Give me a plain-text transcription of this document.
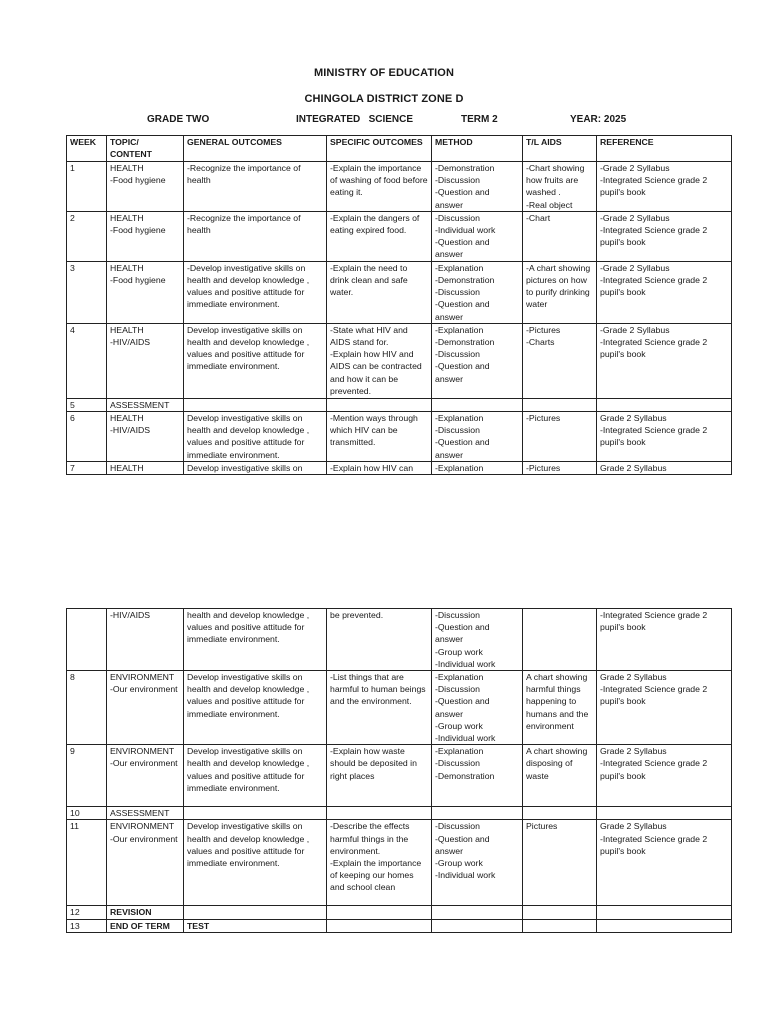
MINISTRY OF EDUCATION
CHINGOLA DISTRICT ZONE D
GRADE TWO	INTEGRATED   SCIENCE	TERM 2	YEAR: 2025
WEEK	TOPIC/
CONTENT	GENERAL OUTCOMES	SPECIFIC OUTCOMES	METHOD	T/L AIDS	REFERENCE

1	HEALTH
-Food hygiene	-Recognize the importance of health	-Explain the importance of washing of food before eating it.	-Demonstration
-Discussion
-Question and answer	-Chart showing how fruits are washed .
-Real object	-Grade 2 Syllabus
-Integrated Science grade 2 pupil's book

2	HEALTH
-Food hygiene	-Recognize the importance of health	-Explain the dangers of eating expired food.	-Discussion
-Individual work
-Question and answer	-Chart	-Grade 2 Syllabus
-Integrated Science grade 2 pupil's book

3	HEALTH
-Food hygiene	-Develop investigative skills on health and develop knowledge , values and positive attitude for immediate environment.	-Explain the need to drink clean and safe water.	-Explanation
-Demonstration
-Discussion
-Question and answer	-A chart showing pictures on how to purify drinking water	-Grade 2 Syllabus
-Integrated Science grade 2 pupil's book

4	HEALTH
-HIV/AIDS	Develop investigative skills on health and develop knowledge , values and positive attitude for immediate environment.	-State what HIV and AIDS stand for.
-Explain how HIV and AIDS can be contracted and how it can be prevented.	-Explanation
-Demonstration
-Discussion
-Question and answer	-Pictures
-Charts	-Grade 2 Syllabus
-Integrated Science grade 2 pupil's book

5	ASSESSMENT					

6	HEALTH
-HIV/AIDS	Develop investigative skills on health and develop knowledge , values and positive attitude for immediate environment.	-Mention ways through which HIV can be transmitted.	-Explanation
-Discussion
-Question and answer	-Pictures	Grade 2 Syllabus
-Integrated Science grade 2 pupil's book

7	HEALTH	Develop investigative skills on	-Explain how HIV can	-Explanation	-Pictures	Grade 2 Syllabus

	-HIV/AIDS	health and develop knowledge , values and positive attitude for immediate environment.	be prevented.	-Discussion
-Question and answer
-Group work
-Individual work		-Integrated Science grade 2 pupil's book

8	ENVIRONMENT
-Our environment	Develop investigative skills on health and develop knowledge , values and positive attitude for immediate environment.	-List things that are harmful to human beings and the environment.	-Explanation
-Discussion
-Question and answer
-Group work
-Individual work	A chart showing harmful things happening to humans and the environment	Grade 2 Syllabus
-Integrated Science grade 2 pupil's book

9	ENVIRONMENT
-Our environment	Develop investigative skills on health and develop knowledge , values and positive attitude for immediate environment.	-Explain how waste should be deposited in right places	-Explanation
-Discussion
-Demonstration	A chart showing disposing of waste	Grade 2 Syllabus
-Integrated Science grade 2 pupil's book

10	ASSESSMENT					

11	ENVIRONMENT
-Our environment	Develop investigative skills on health and develop knowledge , values and positive attitude for immediate environment.	-Describe the effects harmful things in the environment.
-Explain the importance of keeping our homes and school clean	-Discussion
-Question and answer
-Group work
-Individual work	Pictures	Grade 2 Syllabus
-Integrated Science grade 2 pupil's book

12	REVISION					

13	END OF TERM	TEST				
